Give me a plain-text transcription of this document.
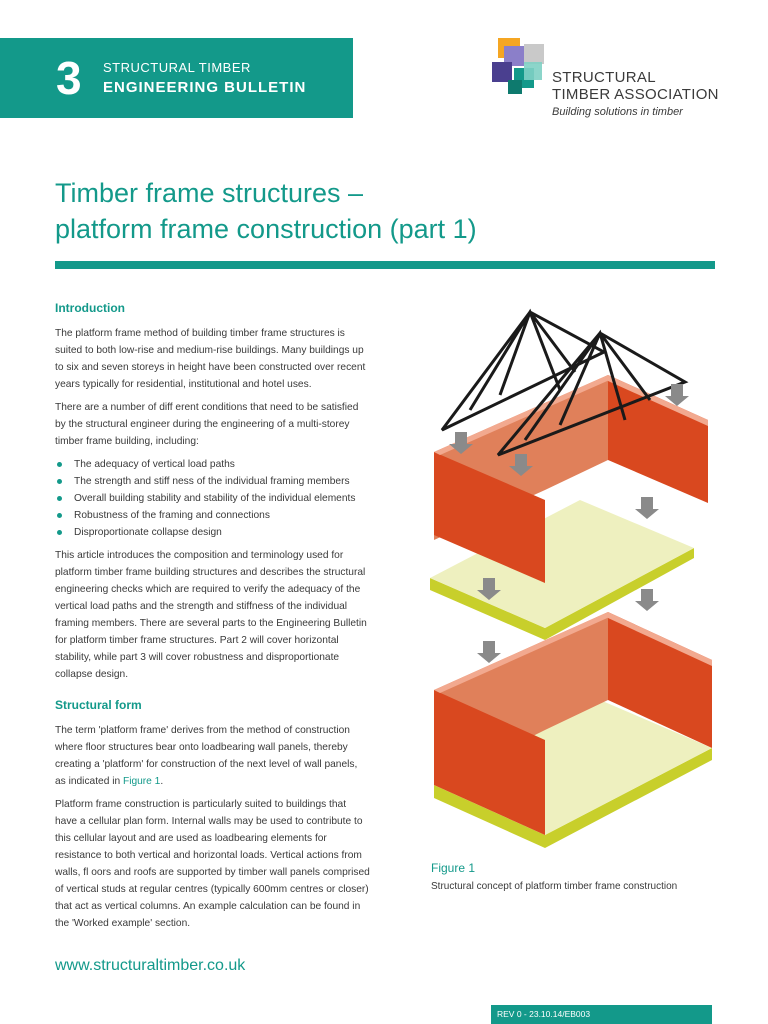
3 STRUCTURAL TIMBER
ENGINEERING BULLETIN
STRUCTURAL
TIMBER ASSOCIATION
Building solutions in timber
Timber frame structures –
platform frame construction (part 1)
Introduction

The platform frame method of building timber frame structures is suited to both low-rise and medium-rise buildings. Many buildings up to six and seven storeys in height have been constructed over recent years typically for residential, institutional and hotel uses.

There are a number of diff erent conditions that need to be satisfied by the structural engineer during the engineering of a multi-storey timber frame building, including:

The adequacy of vertical load paths
The strength and stiff ness of the individual framing members
Overall building stability and stability of the individual elements
Robustness of the framing and connections
Disproportionate collapse design

This article introduces the composition and terminology used for platform timber frame building structures and describes the structural engineering checks which are required to verify the adequacy of the vertical load paths and the strength and stiffness of the individual framing members. There are several parts to the Engineering Bulletin for platform timber frame structures. Part 2 will cover horizontal stability, while part 3 will cover robustness and disproportionate collapse design.

Structural form

The term 'platform frame' derives from the method of construction where floor structures bear onto loadbearing wall panels, thereby creating a 'platform' for construction of the next level of wall panels, as indicated in Figure 1.

Platform frame construction is particularly suited to buildings that have a cellular plan form. Internal walls may be used to contribute to this cellular layout and are used as loadbearing elements for resistance to both vertical and horizontal loads. Vertical actions from walls, fl oors and roofs are supported by timber wall panels comprised of vertical studs at regular centres (typically 600mm centres or closer) that act as vertical columns. An example calculation can be found in the 'Worked example' section.

Figure 1
Structural concept of platform timber frame construction
www.structuraltimber.co.uk
REV 0 - 23.10.14/EB003
